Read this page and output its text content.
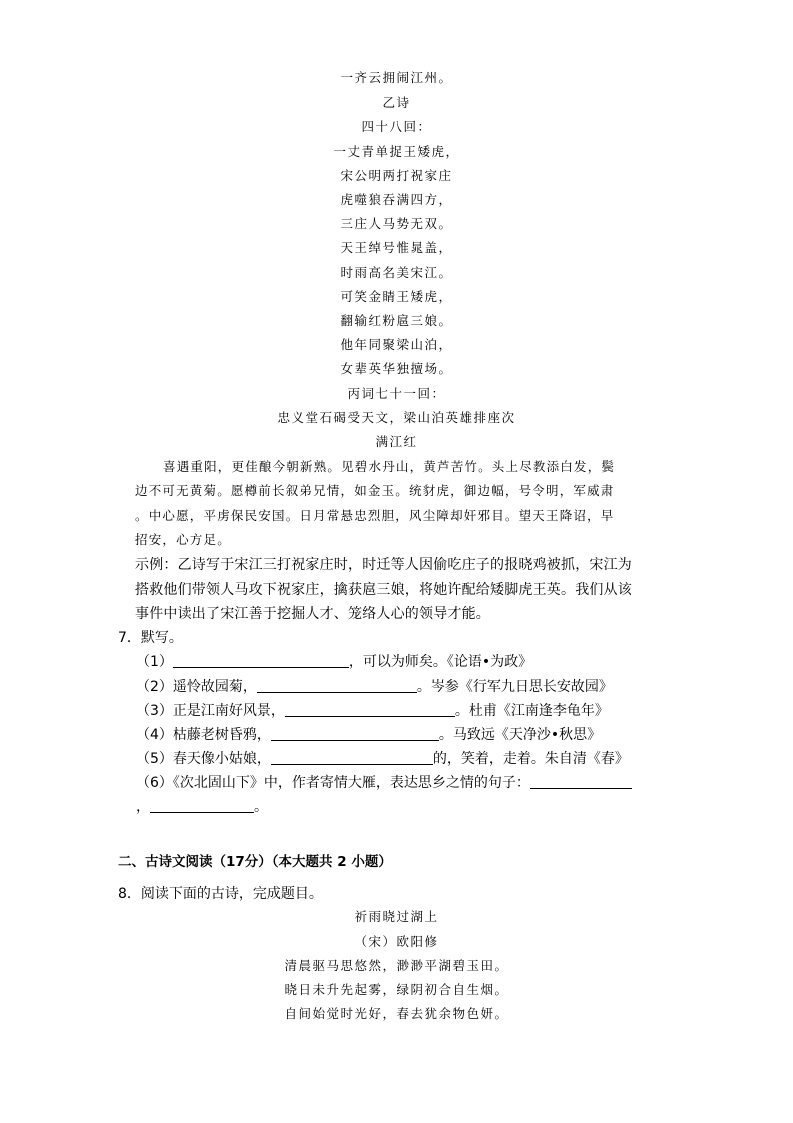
一齐云拥闹江州。
乙诗
四十八回：
一丈青单捉王矮虎，
宋公明两打祝家庄
虎噬狼吞满四方，
三庄人马势无双。
天王绰号惟晁盖，
时雨高名美宋江。
可笑金睛王矮虎，
翻输红粉扈三娘。
他年同聚梁山泊，
女辈英华独擅场。
丙词七十一回：
忠义堂石碣受天文，梁山泊英雄排座次
满江红
喜遇重阳，更佳酿今朝新熟。见碧水丹山，黄芦苦竹。头上尽教添白发，鬓
边不可无黄菊。愿樽前长叙弟兄情，如金玉。统豺虎，御边幅，号令明，军威肃
。中心愿，平虏保民安国。日月常悬忠烈胆，风尘障却奸邪目。望天王降诏，早
招安，心方足。
示例：乙诗写于宋江三打祝家庄时，时迁等人因偷吃庄子的报晓鸡被抓，宋江为
搭救他们带领人马攻下祝家庄，擒获扈三娘，将她许配给矮脚虎王英。我们从该
事件中读出了宋江善于挖掘人才、笼络人心的领导才能。
7．默写。
（1）	，可以为师矣。《论语•为政》
（2）遥怜故园菊，	。岑参《行军九日思长安故园》
（3）正是江南好风景，	。杜甫《江南逢李龟年》
（4）枯藤老树昏鸦，	。马致远《天净沙•秋思》
（5）春天像小姑娘，	的，笑着，走着。朱自清《春》
（6）《次北固山下》中，作者寄情大雁，表达思乡之情的句子：
，	。
二、古诗文阅读（17分）（本大题共 2 小题）
8．阅读下面的古诗，完成题目。
祈雨晓过湖上
（宋）欧阳修
清晨驱马思悠然，渺渺平湖碧玉田。
晓日未升先起雾，绿阴初合自生烟。
自间始觉时光好，春去犹余物色妍。
